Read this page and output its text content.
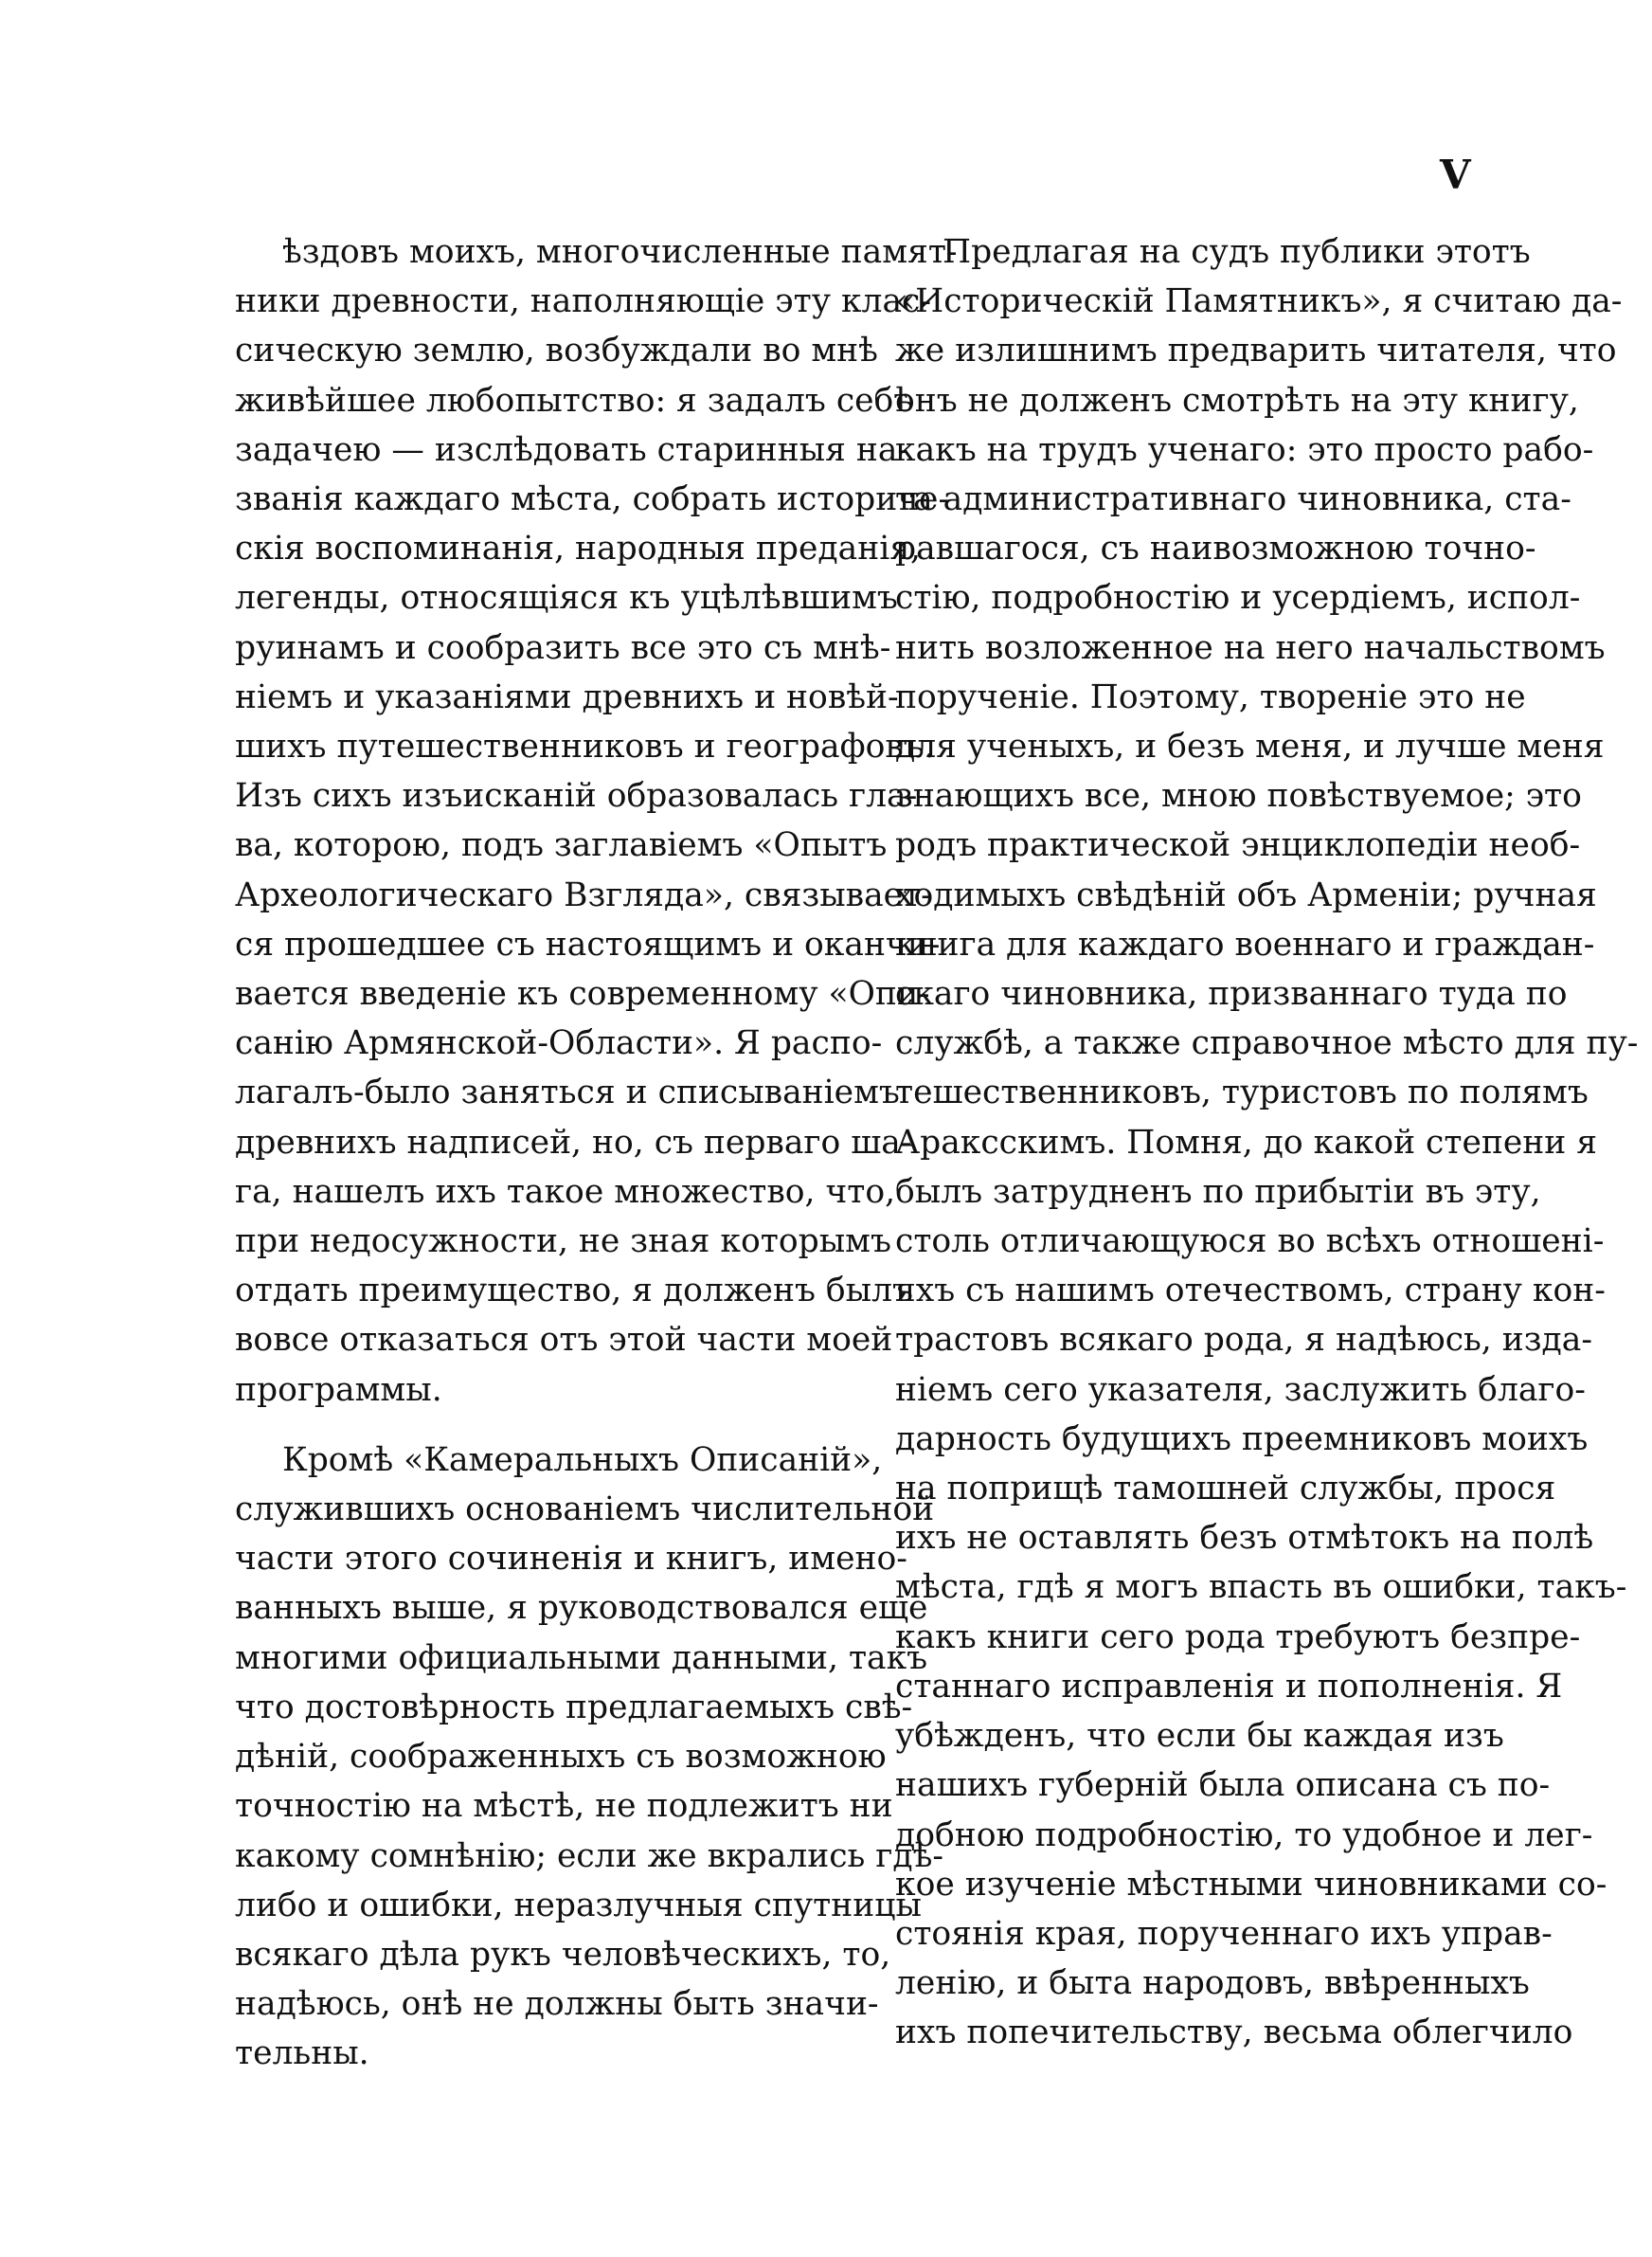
V
ѣздовъ моихъ, многочисленные памят-
ники древности, наполняющіе эту клас-
сическую землю, возбуждали во мнѣ
живѣйшее любопытство: я задалъ себѣ
задачею — изслѣдовать старинныя на-
званія каждаго мѣста, собрать историче-
скія воспоминанія, народныя преданія,
легенды, относящіяся къ уцѣлѣвшимъ
руинамъ и сообразить все это съ мнѣ-
ніемъ и указаніями древнихъ и новѣй-
шихъ путешественниковъ и географовъ.
Изъ сихъ изъисканій образовалась гла-
ва, которою, подъ заглавіемъ «Опытъ
Археологическаго Взгляда», связывает-
ся прошедшее съ настоящимъ и оканчи-
вается введеніе къ современному «Опи-
санію Армянской-Области». Я распо-
лагалъ-было заняться и списываніемъ
древнихъ надписей, но, съ перваго ша-
га, нашелъ ихъ такое множество, что,
при недосужности, не зная которымъ
отдать преимущество, я долженъ былъ
вовсе отказаться отъ этой части моей
программы.
Кромѣ «Камеральныхъ Описаній»,
служившихъ основаніемъ числительной
части этого сочиненія и книгъ, имено-
ванныхъ выше, я руководствовался еще
многими официальными данными, такъ
что достовѣрность предлагаемыхъ свѣ-
дѣній, соображенныхъ съ возможною
точностію на мѣстѣ, не подлежитъ ни
какому сомнѣнію; если же вкрались гдѣ-
либо и ошибки, неразлучныя спутницы
всякаго дѣла рукъ человѣческихъ, то,
надѣюсь, онѣ не должны быть значи-
тельны.
Предлагая на судъ публики этотъ
«Историческій Памятникъ», я считаю да-
же излишнимъ предварить читателя, что
онъ не долженъ смотрѣть на эту книгу,
какъ на трудъ ученаго: это просто рабо-
та административнаго чиновника, ста-
равшагося, съ наивозможною точно-
стію, подробностію и усердіемъ, испол-
нить возложенное на него начальствомъ
порученіе. Поэтому, твореніе это не
для ученыхъ, и безъ меня, и лучше меня
знающихъ все, мною повѣствуемое; это
родъ практической энциклопедіи необ-
ходимыхъ свѣдѣній объ Арменіи; ручная
книга для каждаго военнаго и граждан-
скаго чиновника, призваннаго туда по
службѣ, а также справочное мѣсто для пу-
тешественниковъ, туристовъ по полямъ
Араксскимъ. Помня, до какой степени я
былъ затрудненъ по прибытіи въ эту,
столь отличающуюся во всѣхъ отношені-
яхъ съ нашимъ отечествомъ, страну кон-
трастовъ всякаго рода, я надѣюсь, изда-
ніемъ сего указателя, заслужить благо-
дарность будущихъ преемниковъ моихъ
на поприщѣ тамошней службы, прося
ихъ не оставлять безъ отмѣтокъ на полѣ
мѣста, гдѣ я могъ впасть въ ошибки, такъ-
какъ книги сего рода требуютъ безпре-
станнаго исправленія и пополненія. Я
убѣжденъ, что если бы каждая изъ
нашихъ губерній была описана съ по-
добною подробностію, то удобное и лег-
кое изученіе мѣстными чиновниками со-
стоянія края, порученнаго ихъ управ-
ленію, и быта народовъ, ввѣренныхъ
ихъ попечительству, весьма облегчило
